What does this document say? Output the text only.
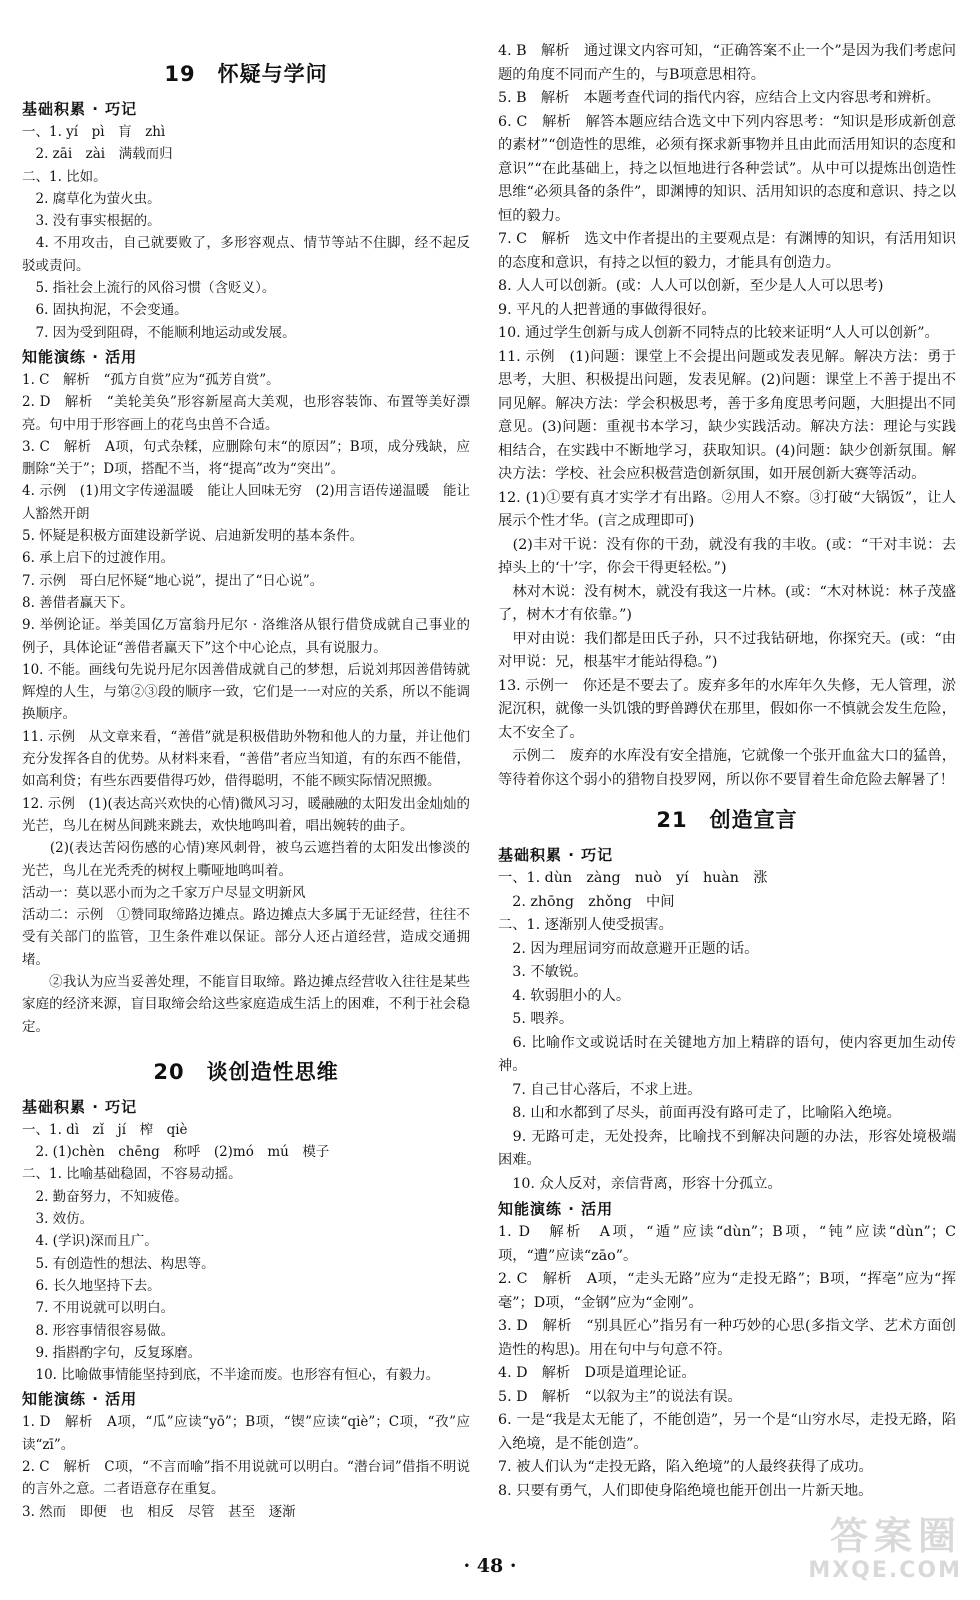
19　怀疑与学问
基础积累 · 巧记
一、1. yí　pì　肓　zhì
　2. zāi　zài　满载而归
二、1. 比如。
　2. 腐草化为萤火虫。
　3. 没有事实根据的。
　4. 不用攻击，自己就要败了，多形容观点、情节等站不住脚，经不起反驳或责问。
　5. 指社会上流行的风俗习惯（含贬义）。
　6. 固执拘泥，不会变通。
　7. 因为受到阻碍，不能顺利地运动或发展。
知能演练 · 活用
1. C　解析　“孤方自赏”应为“孤芳自赏”。
2. D　解析　“美轮美奂”形容新屋高大美观，也形容装饰、布置等美好漂亮。句中用于形容画上的花鸟虫兽不合适。
3. C　解析　A项，句式杂糅，应删除句末“的原因”；B项，成分残缺，应删除“关于”；D项，搭配不当，将“提高”改为“突出”。
4. 示例　(1)用文字传递温暖　能让人回味无穷　(2)用言语传递温暖　能让人豁然开朗
5. 怀疑是积极方面建设新学说、启迪新发明的基本条件。
6. 承上启下的过渡作用。
7. 示例　哥白尼怀疑“地心说”，提出了“日心说”。
8. 善借者赢天下。
9. 举例论证。举美国亿万富翁丹尼尔 · 洛维洛从银行借贷成就自己事业的例子，具体论证“善借者赢天下”这个中心论点，具有说服力。
10. 不能。画线句先说丹尼尔因善借成就自己的梦想，后说刘邦因善借铸就辉煌的人生，与第②③段的顺序一致，它们是一一对应的关系，所以不能调换顺序。
11. 示例　从文章来看，“善借”就是积极借助外物和他人的力量，并让他们充分发挥各自的优势。从材料来看，“善借”者应当知道，有的东西不能借，如高利贷；有些东西要借得巧妙，借得聪明，不能不顾实际情况照搬。
12. 示例　(1)(表达高兴欢快的心情)微风习习，暖融融的太阳发出金灿灿的光芒，鸟儿在树丛间跳来跳去，欢快地鸣叫着，唱出婉转的曲子。
　　(2)(表达苦闷伤感的心情)寒风刺骨，被乌云遮挡着的太阳发出惨淡的光芒，鸟儿在光秃秃的树杈上嘶哑地鸣叫着。
活动一：莫以恶小而为之千家万户尽显文明新风
活动二：示例　①赞同取缔路边摊点。路边摊点大多属于无证经营，往往不受有关部门的监管，卫生条件难以保证。部分人还占道经营，造成交通拥堵。
　　②我认为应当妥善处理，不能盲目取缔。路边摊点经营收入往往是某些家庭的经济来源，盲目取缔会给这些家庭造成生活上的困难，不利于社会稳定。
20　谈创造性思维
基础积累 · 巧记
一、1. dì　zǐ　jí　榨　qiè
　2. (1)chèn　chēng　称呼　(2)mó　mú　模子
二、1. 比喻基础稳固，不容易动摇。
　2. 勤奋努力，不知疲倦。
　3. 效仿。
　4. (学识)深而且广。
　5. 有创造性的想法、构思等。
　6. 长久地坚持下去。
　7. 不用说就可以明白。
　8. 形容事情很容易做。
　9. 指斟酌字句，反复琢磨。
　10. 比喻做事情能坚持到底，不半途而废。也形容有恒心，有毅力。
知能演练 · 活用
1. D　解析　A项，“瓜”应读“yō”；B项，“锲”应读“qiè”；C项，“孜”应读“zī”。
2. C　解析　C项，“不言而喻”指不用说就可以明白。“潜台词”借指不明说的言外之意。二者语意存在重复。
3. 然而　即便　也　相反　尽管　甚至　逐渐
4. B　解析　通过课文内容可知，“正确答案不止一个”是因为我们考虑问题的角度不同而产生的，与B项意思相符。
5. B　解析　本题考查代词的指代内容，应结合上文内容思考和辨析。
6. C　解析　解答本题应结合选文中下列内容思考：“知识是形成新创意的素材”“创造性的思维，必须有探求新事物并且由此而活用知识的态度和意识”“在此基础上，持之以恒地进行各种尝试”。从中可以提炼出创造性思维“必须具备的条件”，即渊博的知识、活用知识的态度和意识、持之以恒的毅力。
7. C　解析　选文中作者提出的主要观点是：有渊博的知识，有活用知识的态度和意识，有持之以恒的毅力，才能具有创造力。
8. 人人可以创新。(或：人人可以创新，至少是人人可以思考)
9. 平凡的人把普通的事做得很好。
10. 通过学生创新与成人创新不同特点的比较来证明“人人可以创新”。
11. 示例　(1)问题：课堂上不会提出问题或发表见解。解决方法：勇于思考，大胆、积极提出问题，发表见解。(2)问题：课堂上不善于提出不同见解。解决方法：学会积极思考，善于多角度思考问题，大胆提出不同意见。(3)问题：重视书本学习，缺少实践活动。解决方法：理论与实践相结合，在实践中不断地学习，获取知识。(4)问题：缺少创新氛围。解决方法：学校、社会应积极营造创新氛围，如开展创新大赛等活动。
12. (1)①要有真才实学才有出路。②用人不察。③打破“大锅饭”，让人展示个性才华。(言之成理即可)
　(2)丰对干说：没有你的干劲，就没有我的丰收。(或：“干对丰说：去掉头上的‘十’字，你会干得更轻松。”)
　林对木说：没有树木，就没有我这一片林。(或：“木对林说：林子茂盛了，树木才有依靠。”)
　甲对由说：我们都是田氏子孙，只不过我钻研地，你探究天。(或：“由对甲说：兄，根基牢才能站得稳。”)
13. 示例一　你还是不要去了。废弃多年的水库年久失修，无人管理，淤泥沉积，就像一头饥饿的野兽蹲伏在那里，假如你一不慎就会发生危险，太不安全了。
　示例二　废弃的水库没有安全措施，它就像一个张开血盆大口的猛兽，等待着你这个弱小的猎物自投罗网，所以你不要冒着生命危险去解暑了！
21　创造宣言
基础积累 · 巧记
一、1. dùn　zàng　nuò　yí　huàn　涨
　2. zhōng　zhǒng　中间
二、1. 逐渐别人使受损害。
　2. 因为理屈词穷而故意避开正题的话。
　3. 不敏锐。
　4. 软弱胆小的人。
　5. 喂养。
　6. 比喻作文或说话时在关键地方加上精辟的语句，使内容更加生动传神。
　7. 自己甘心落后，不求上进。
　8. 山和水都到了尽头，前面再没有路可走了，比喻陷入绝境。
　9. 无路可走，无处投奔，比喻找不到解决问题的办法，形容处境极端困难。
　10. 众人反对，亲信背离，形容十分孤立。
知能演练 · 活用
1. D　解析　A项，“遁”应读“dùn”；B项，“钝”应读“dùn”；C项，“遭”应读“zāo”。
2. C　解析　A项，“走头无路”应为“走投无路”；B项，“挥亳”应为“挥毫”；D项，“金钢”应为“金刚”。
3. D　解析　“别具匠心”指另有一种巧妙的心思(多指文学、艺术方面创造性的构思)。用在句中与句意不符。
4. D　解析　D项是道理论证。
5. D　解析　“以叙为主”的说法有误。
6. 一是“我是太无能了，不能创造”，另一个是“山穷水尽，走投无路，陷入绝境，是不能创造”。
7. 被人们认为“走投无路，陷入绝境”的人最终获得了成功。
8. 只要有勇气，人们即使身陷绝境也能开创出一片新天地。
· 48 ·
答案圈
MXQE.COM
